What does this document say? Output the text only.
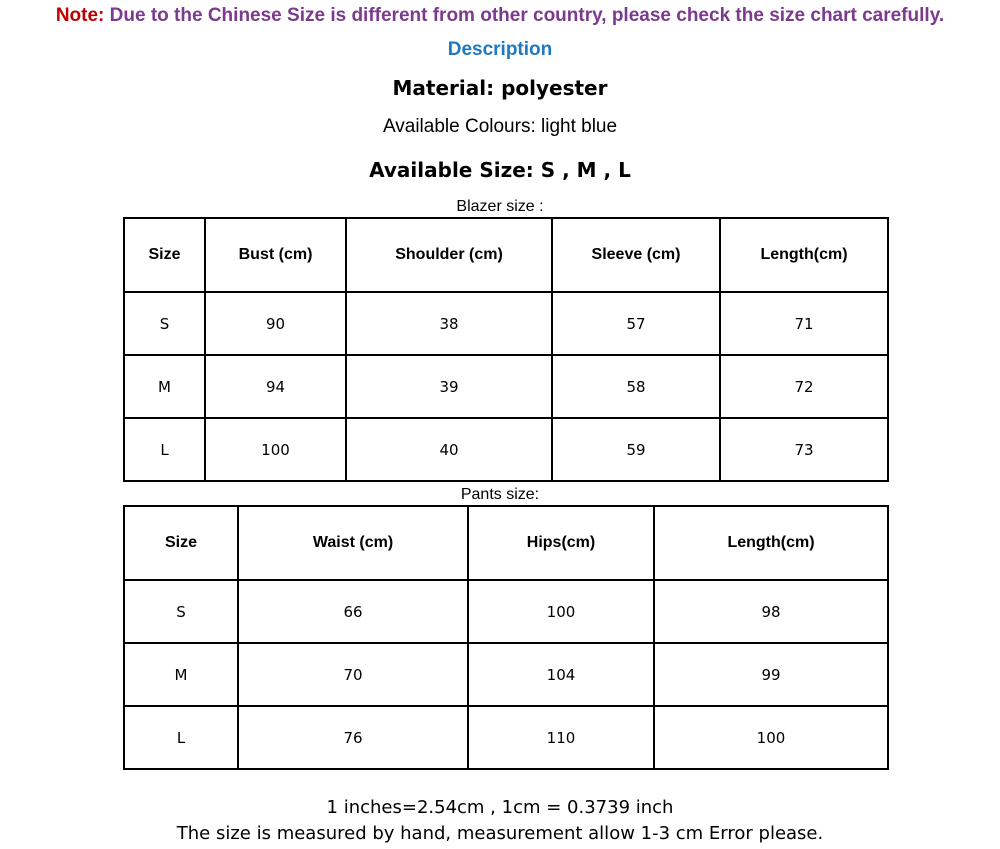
Note: Due to the Chinese Size is different from other country, please check the size chart carefully.
Description
Material: polyester
Available Colours: light blue
Available Size: S , M , L
Blazer size :
Size	Bust (cm)	Shoulder (cm)	Sleeve (cm)	Length(cm)
S	90	38	57	71
M	94	39	58	72
L	100	40	59	73
Pants size:
Size	Waist (cm)	Hips(cm)	Length(cm)
S	66	100	98
M	70	104	99
L	76	110	100
1 inches=2.54cm , 1cm = 0.3739 inch
The size is measured by hand, measurement allow 1-3 cm Error please.
